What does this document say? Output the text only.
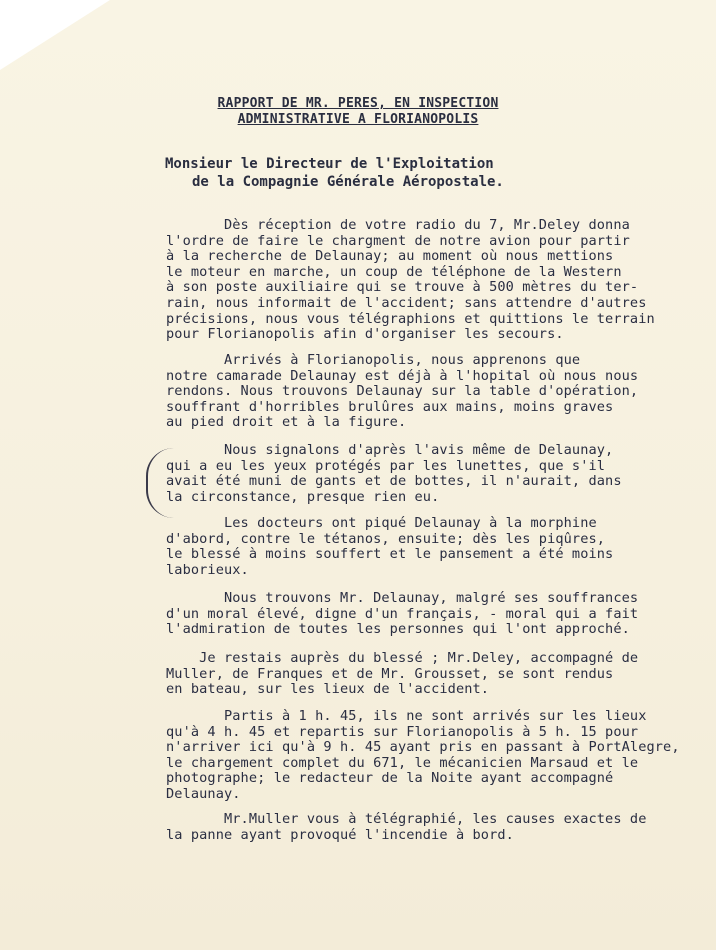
RAPPORT DE MR. PERES, EN INSPECTION
ADMINISTRATIVE A FLORIANOPOLIS
Monsieur le Directeur de l'Exploitation
de la Compagnie Générale Aéropostale.
Dès réception de votre radio du 7, Mr.Deley donna
l'ordre de faire le chargment de notre avion pour partir
à la recherche de Delaunay; au moment où nous mettions
le moteur en marche, un coup de téléphone de la Western
à son poste auxiliaire qui se trouve à 500 mètres du ter-
rain, nous informait de l'accident; sans attendre d'autres
précisions, nous vous télégraphions et quittions le terrain
pour Florianopolis afin d'organiser les secours.
Arrivés à Florianopolis, nous apprenons que
notre camarade Delaunay est déjà à l'hopital où nous nous
rendons. Nous trouvons Delaunay sur la table d'opération,
souffrant d'horribles brulûres aux mains, moins graves
au pied droit et à la figure.
Nous signalons d'après l'avis même de Delaunay,
qui a eu les yeux protégés par les lunettes, que s'il
avait été muni de gants et de bottes, il n'aurait, dans
la circonstance, presque rien eu.
Les docteurs ont piqué Delaunay à la morphine
d'abord, contre le tétanos, ensuite; dès les piqûres,
le blessé à moins souffert et le pansement a été moins
laborieux.
Nous trouvons Mr. Delaunay, malgré ses souffrances
d'un moral élevé, digne d'un français, - moral qui a fait
l'admiration de toutes les personnes qui l'ont approché.
Je restais auprès du blessé ; Mr.Deley, accompagné de
Muller, de Franques et de Mr. Grousset, se sont rendus
en bateau, sur les lieux de l'accident.
Partis à 1 h. 45, ils ne sont arrivés sur les lieux
qu'à 4 h. 45 et repartis sur Florianopolis à 5 h. 15 pour
n'arriver ici qu'à 9 h. 45 ayant pris en passant à PortAlegre,
le chargement complet du 671, le mécanicien Marsaud et le
photographe; le redacteur de la Noite ayant accompagné
Delaunay.
Mr.Muller vous à télégraphié, les causes exactes de
la panne ayant provoqué l'incendie à bord.
